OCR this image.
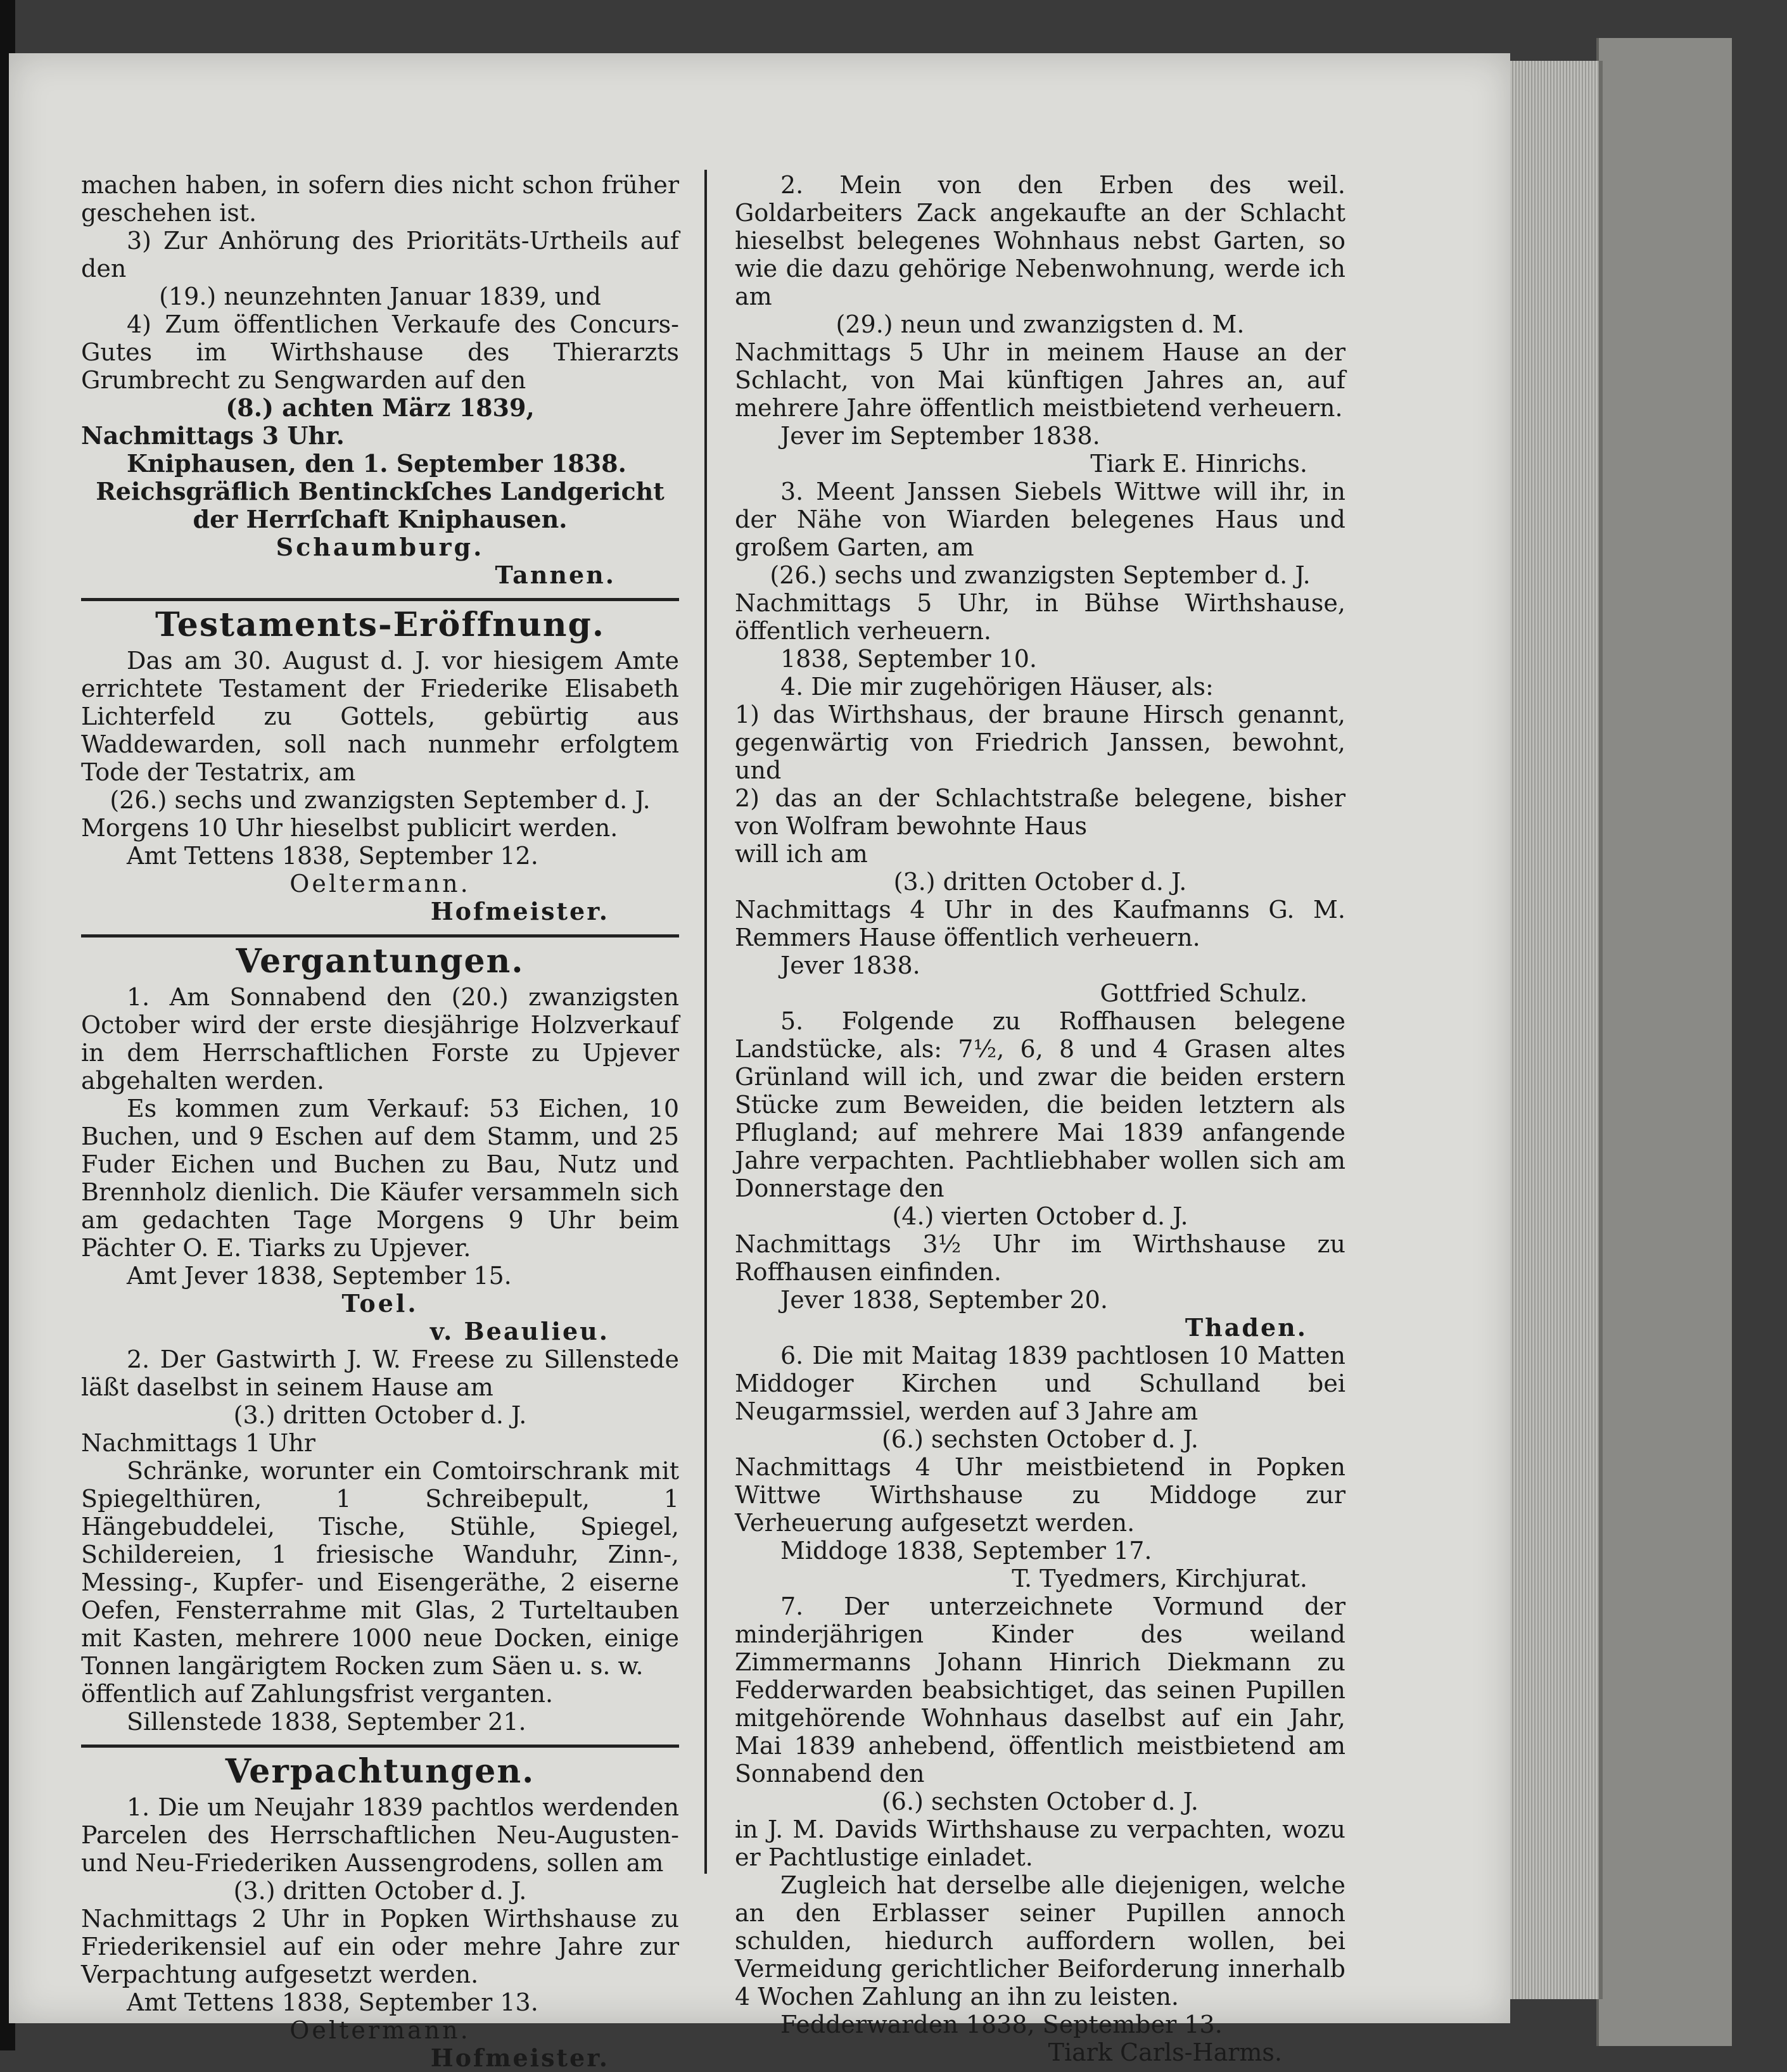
machen haben, in sofern dies nicht schon früher geschehen ist.

3) Zur Anhörung des Prioritäts-Urtheils auf den

(19.) neunzehnten Januar 1839, und

4) Zum öffentlichen Verkaufe des Concurs-Gutes im Wirthshause des Thierarzts Grumbrecht zu Sengwarden auf den

(8.) achten März 1839,

Nachmittags 3 Uhr.

Kniphausen, den 1. September 1838.

Reichsgräflich Bentinckſches Landgericht der Herrſchaft Kniphausen.

Schaumburg.

Tannen.

Testaments-Eröffnung.

Das am 30. August d. J. vor hiesigem Amte errichtete Testament der Friederike Elisabeth Lichterfeld zu Gottels, gebürtig aus Waddewarden, soll nach nunmehr erfolgtem Tode der Testatrix, am

(26.) sechs und zwanzigsten September d. J.

Morgens 10 Uhr hieselbst publicirt werden.

Amt Tettens 1838, September 12.

Oeltermann.

Hofmeister.

Vergantungen.

1. Am Sonnabend den (20.) zwanzigsten October wird der erste diesjährige Holzverkauf in dem Herrschaftlichen Forste zu Upjever abgehalten werden.

Es kommen zum Verkauf: 53 Eichen, 10 Buchen, und 9 Eschen auf dem Stamm, und 25 Fuder Eichen und Buchen zu Bau, Nutz und Brennholz dienlich. Die Käufer versammeln sich am gedachten Tage Morgens 9 Uhr beim Pächter O. E. Tiarks zu Upjever.

Amt Jever 1838, September 15.

Toel.

v. Beaulieu.

2. Der Gastwirth J. W. Freese zu Sillenstede läßt daselbst in seinem Hause am

(3.) dritten October d. J.

Nachmittags 1 Uhr

Schränke, worunter ein Comtoirschrank mit Spiegelthüren, 1 Schreibepult, 1 Hängebuddelei, Tische, Stühle, Spiegel, Schildereien, 1 friesische Wanduhr, Zinn-, Messing-, Kupfer- und Eisengeräthe, 2 eiserne Oefen, Fensterrahme mit Glas, 2 Turteltauben mit Kasten, mehrere 1000 neue Docken, einige Tonnen langärigtem Rocken zum Säen u. s. w.

öffentlich auf Zahlungsfrist verganten.

Sillenstede 1838, September 21.

Verpachtungen.

1. Die um Neujahr 1839 pachtlos werdenden Parcelen des Herrschaftlichen Neu-Augusten- und Neu-Friederiken Aussengrodens, sollen am

(3.) dritten October d. J.

Nachmittags 2 Uhr in Popken Wirthshause zu Friederikensiel auf ein oder mehre Jahre zur Verpachtung aufgesetzt werden.

Amt Tettens 1838, September 13.

Oeltermann.

Hofmeister.

2. Mein von den Erben des weil. Goldarbeiters Zack angekaufte an der Schlacht hieselbst belegenes Wohnhaus nebst Garten, so wie die dazu gehörige Nebenwohnung, werde ich am

(29.) neun und zwanzigsten d. M.

Nachmittags 5 Uhr in meinem Hause an der Schlacht, von Mai künftigen Jahres an, auf mehrere Jahre öffentlich meistbietend verheuern.

Jever im September 1838.

Tiark E. Hinrichs.

3. Meent Janssen Siebels Wittwe will ihr, in der Nähe von Wiarden belegenes Haus und großem Garten, am

(26.) sechs und zwanzigsten September d. J.

Nachmittags 5 Uhr, in Bühse Wirthshause, öffentlich verheuern.

1838, September 10.

4. Die mir zugehörigen Häuser, als:

1) das Wirthshaus, der braune Hirsch genannt, gegenwärtig von Friedrich Janssen, bewohnt, und

2) das an der Schlachtstraße belegene, bisher von Wolfram bewohnte Haus

will ich am

(3.) dritten October d. J.

Nachmittags 4 Uhr in des Kaufmanns G. M. Remmers Hause öffentlich verheuern.

Jever 1838.

Gottfried Schulz.

5. Folgende zu Roffhausen belegene Landstücke, als: 7½, 6, 8 und 4 Grasen altes Grünland will ich, und zwar die beiden erstern Stücke zum Beweiden, die beiden letztern als Pflugland; auf mehrere Mai 1839 anfangende Jahre verpachten. Pachtliebhaber wollen sich am Donnerstage den

(4.) vierten October d. J.

Nachmittags 3½ Uhr im Wirthshause zu Roffhausen einfinden.

Jever 1838, September 20.

Thaden.

6. Die mit Maitag 1839 pachtlosen 10 Matten Middoger Kirchen und Schulland bei Neugarmssiel, werden auf 3 Jahre am

(6.) sechsten October d. J.

Nachmittags 4 Uhr meistbietend in Popken Wittwe Wirthshause zu Middoge zur Verheuerung aufgesetzt werden.

Middoge 1838, September 17.

T. Tyedmers, Kirchjurat.

7. Der unterzeichnete Vormund der minderjährigen Kinder des weiland Zimmermanns Johann Hinrich Diekmann zu Fedderwarden beabsichtiget, das seinen Pupillen mitgehörende Wohnhaus daselbst auf ein Jahr, Mai 1839 anhebend, öffentlich meistbietend am Sonnabend den

(6.) sechsten October d. J.

in J. M. Davids Wirthshause zu verpachten, wozu er Pachtlustige einladet.

Zugleich hat derselbe alle diejenigen, welche an den Erblasser seiner Pupillen annoch schulden, hiedurch auffordern wollen, bei Vermeidung gerichtlicher Beiforderung innerhalb 4 Wochen Zahlung an ihn zu leisten.

Fedderwarden 1838, September 13.

Tiark Carls-Harms.
